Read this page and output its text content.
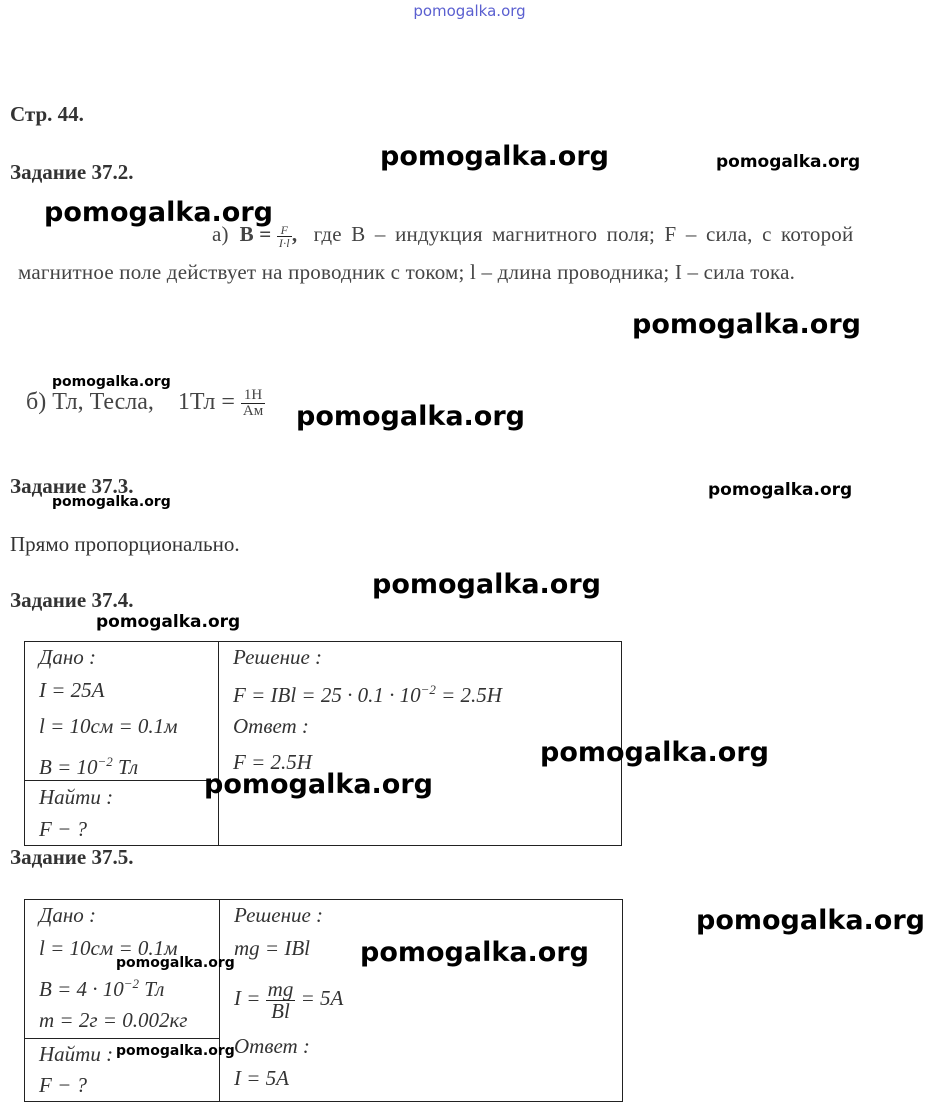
pomogalka.org
Стр. 44.
Задание 37.2.
а) $B = \frac{F}{I\cdot l}$ , где В – индукция магнитного поля; F – сила, с которой
магнитное поле действует на проводник с током; l – длина проводника; I – сила тока.
б) Тл, Тесла, $1Тл = \frac{1Н}{Ам}$
Задание 37.3.
Прямо пропорционально.
Задание 37.4.
Дано :
I = 25A
l = 10см = 0.1м
$B = 10^{-2}$ Тл

Решение :
F = IBl = $25 \cdot 0.1 \cdot 10^{-2} = 2.5H$
Ответ :
F = 2.5H

Найти :
F − ?
Задание 37.5.
Дано :
l = 10см = 0.1м
$B = 4 \cdot 10^{-2}$ Тл
m = 2г = 0.002кг

Решение :
mg = IBl
$I = \frac{mg}{Bl} = 5A$
Ответ :
I = 5A

Найти :
F − ?
pomogalka.org	pomogalka.org
pomogalka.org
pomogalka.org
pomogalka.org
pomogalka.org
pomogalka.org
pomogalka.org
pomogalka.org
pomogalka.org
pomogalka.org
pomogalka.org
pomogalka.org
pomogalka.org
pomogalka.org
pomogalka.org
